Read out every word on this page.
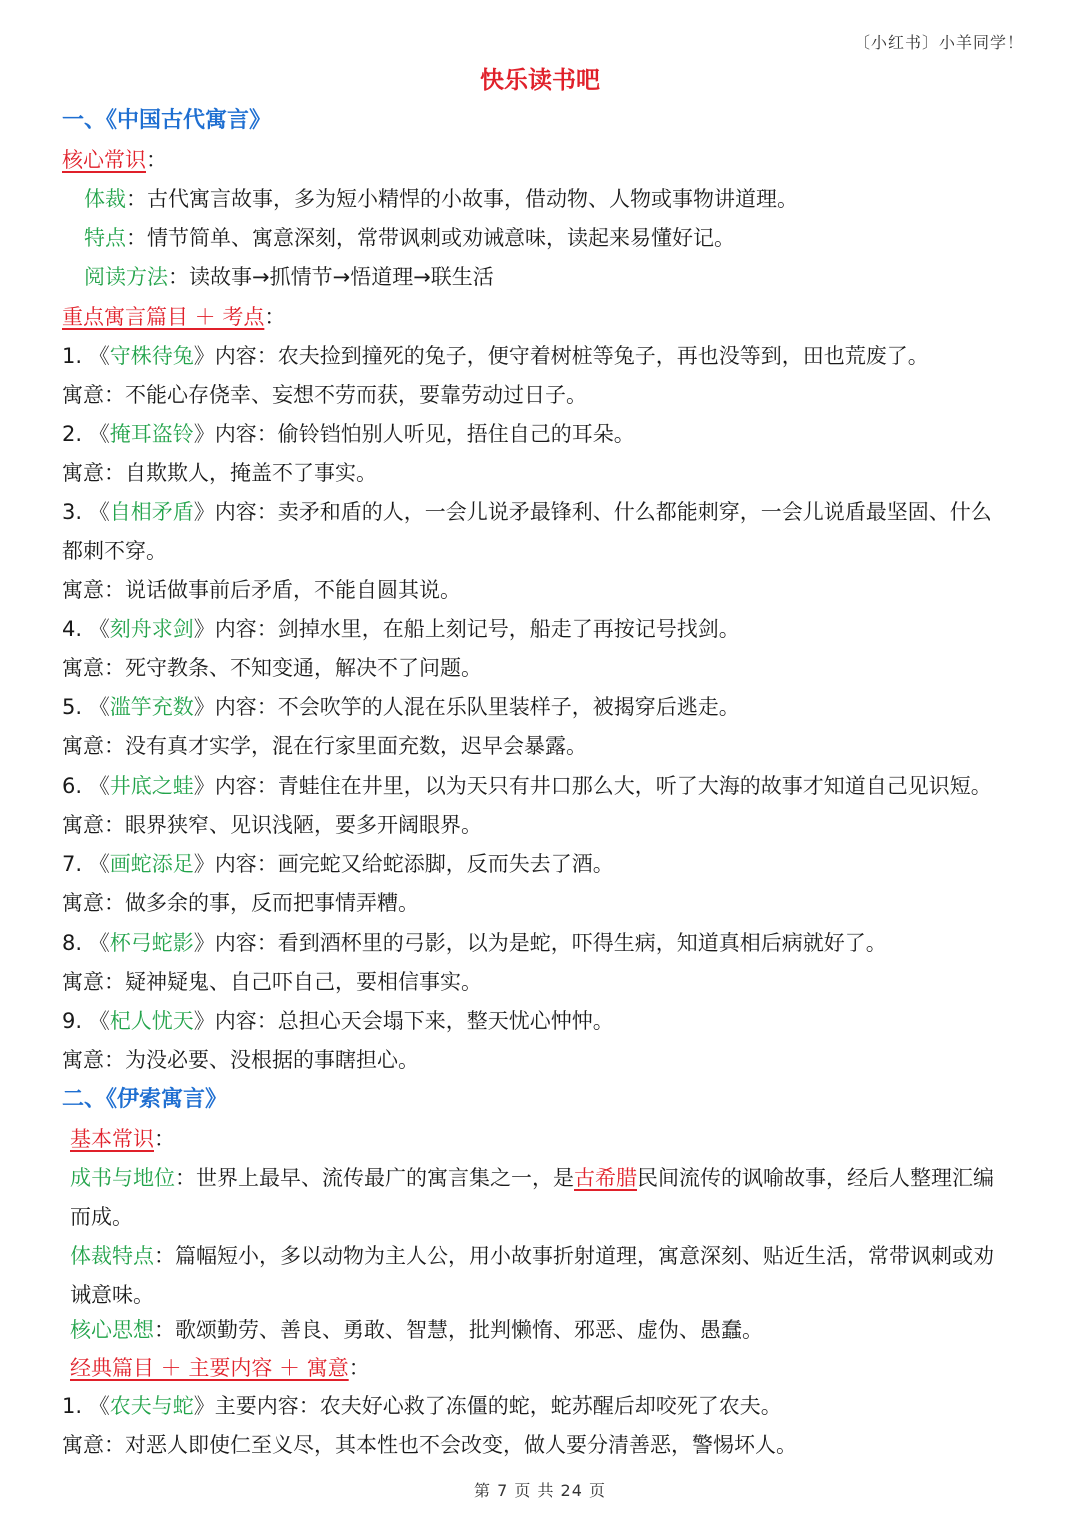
〔小红书〕小羊同学！
快乐读书吧
一、《中国古代寓言》
核心常识：
体裁：古代寓言故事，多为短小精悍的小故事，借动物、人物或事物讲道理。
特点：情节简单、寓意深刻，常带讽刺或劝诫意味，读起来易懂好记。
阅读方法：读故事→抓情节→悟道理→联生活
重点寓言篇目 ＋ 考点：
1. 《守株待兔》内容：农夫捡到撞死的兔子，便守着树桩等兔子，再也没等到，田也荒废了。
寓意：不能心存侥幸、妄想不劳而获，要靠劳动过日子。
2. 《掩耳盗铃》内容：偷铃铛怕别人听见，捂住自己的耳朵。
寓意：自欺欺人，掩盖不了事实。
3. 《自相矛盾》内容：卖矛和盾的人，一会儿说矛最锋利、什么都能刺穿，一会儿说盾最坚固、什么
都刺不穿。
寓意：说话做事前后矛盾，不能自圆其说。
4. 《刻舟求剑》内容：剑掉水里，在船上刻记号，船走了再按记号找剑。
寓意：死守教条、不知变通，解决不了问题。
5. 《滥竽充数》内容：不会吹竽的人混在乐队里装样子，被揭穿后逃走。
寓意：没有真才实学，混在行家里面充数，迟早会暴露。
6. 《井底之蛙》内容：青蛙住在井里，以为天只有井口那么大，听了大海的故事才知道自己见识短。
寓意：眼界狭窄、见识浅陋，要多开阔眼界。
7. 《画蛇添足》内容：画完蛇又给蛇添脚，反而失去了酒。
寓意：做多余的事，反而把事情弄糟。
8. 《杯弓蛇影》内容：看到酒杯里的弓影，以为是蛇，吓得生病，知道真相后病就好了。
寓意：疑神疑鬼、自己吓自己，要相信事实。
9. 《杞人忧天》内容：总担心天会塌下来，整天忧心忡忡。
寓意：为没必要、没根据的事瞎担心。
二、《伊索寓言》
基本常识：
成书与地位：世界上最早、流传最广的寓言集之一，是古希腊民间流传的讽喻故事，经后人整理汇编
而成。
体裁特点：篇幅短小，多以动物为主人公，用小故事折射道理，寓意深刻、贴近生活，常带讽刺或劝
诫意味。
核心思想：歌颂勤劳、善良、勇敢、智慧，批判懒惰、邪恶、虚伪、愚蠢。
经典篇目 ＋ 主要内容 ＋ 寓意：
1. 《农夫与蛇》主要内容：农夫好心救了冻僵的蛇，蛇苏醒后却咬死了农夫。
寓意：对恶人即使仁至义尽，其本性也不会改变，做人要分清善恶，警惕坏人。
第 7 页 共 24 页
